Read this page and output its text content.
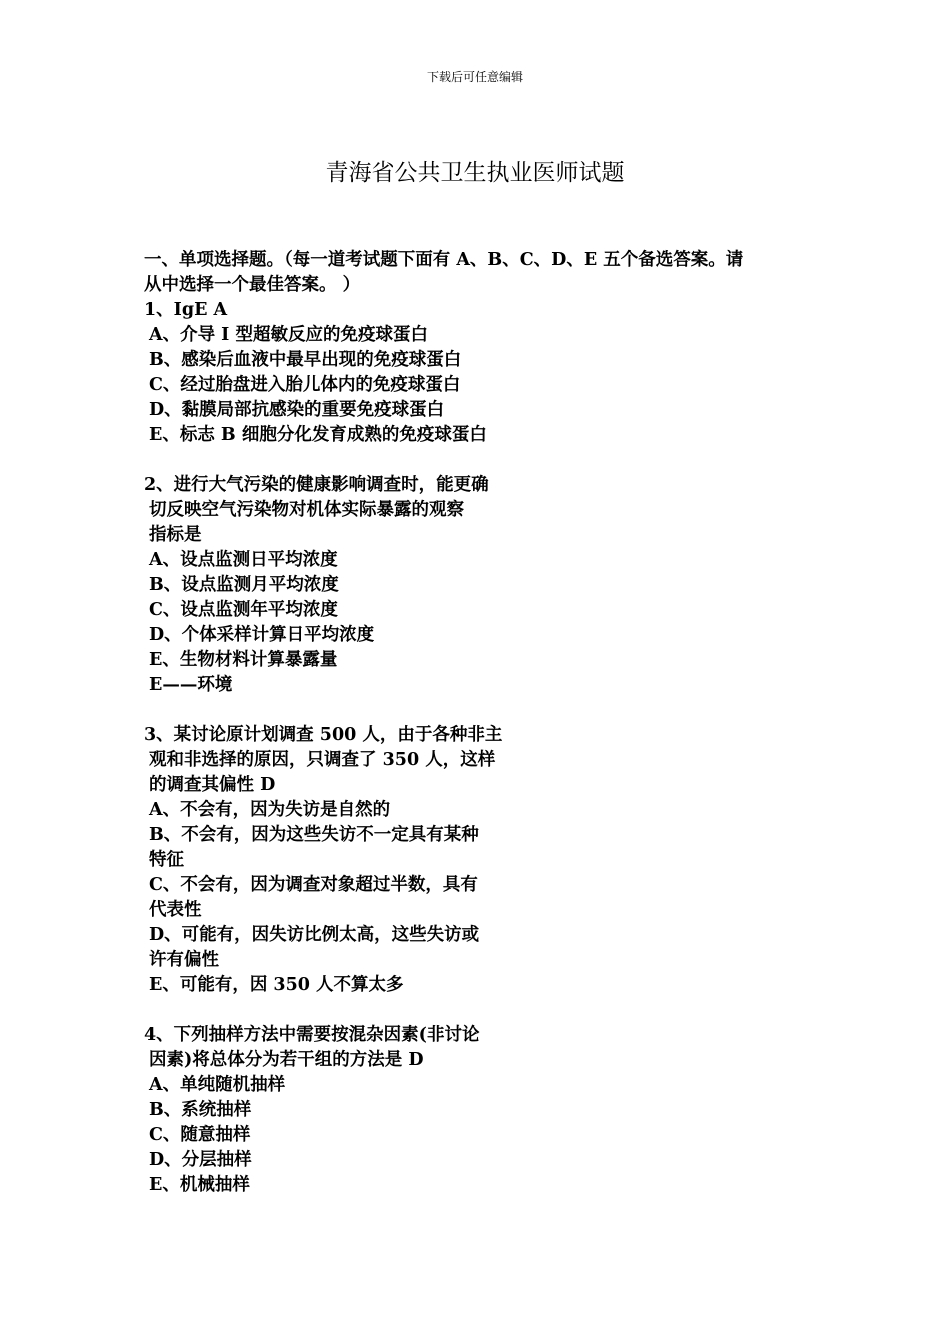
下载后可任意编辑
青海省公共卫生执业医师试题

一、单项选择题。（每一道考试题下面有 A、B、C、D、E 五个备选答案。请

从中选择一个最佳答案。 ）

1、IgE A

A、介导 I 型超敏反应的免疫球蛋白

B、感染后血液中最早出现的免疫球蛋白

C、经过胎盘进入胎儿体内的免疫球蛋白

D、黏膜局部抗感染的重要免疫球蛋白

E、标志 B 细胞分化发育成熟的免疫球蛋白

2、进行大气污染的健康影响调查时，能更确

切反映空气污染物对机体实际暴露的观察

指标是

A、设点监测日平均浓度

B、设点监测月平均浓度

C、设点监测年平均浓度

D、个体采样计算日平均浓度

E、生物材料计算暴露量

E——环境

3、某讨论原计划调查 500 人，由于各种非主

观和非选择的原因，只调查了 350 人，这样

的调查其偏性 D

A、不会有，因为失访是自然的

B、不会有，因为这些失访不一定具有某种

特征

C、不会有，因为调查对象超过半数，具有

代表性

D、可能有，因失访比例太高，这些失访或

许有偏性

E、可能有，因 350 人不算太多

4、下列抽样方法中需要按混杂因素(非讨论

因素)将总体分为若干组的方法是 D

A、单纯随机抽样

B、系统抽样

C、随意抽样

D、分层抽样

E、机械抽样
